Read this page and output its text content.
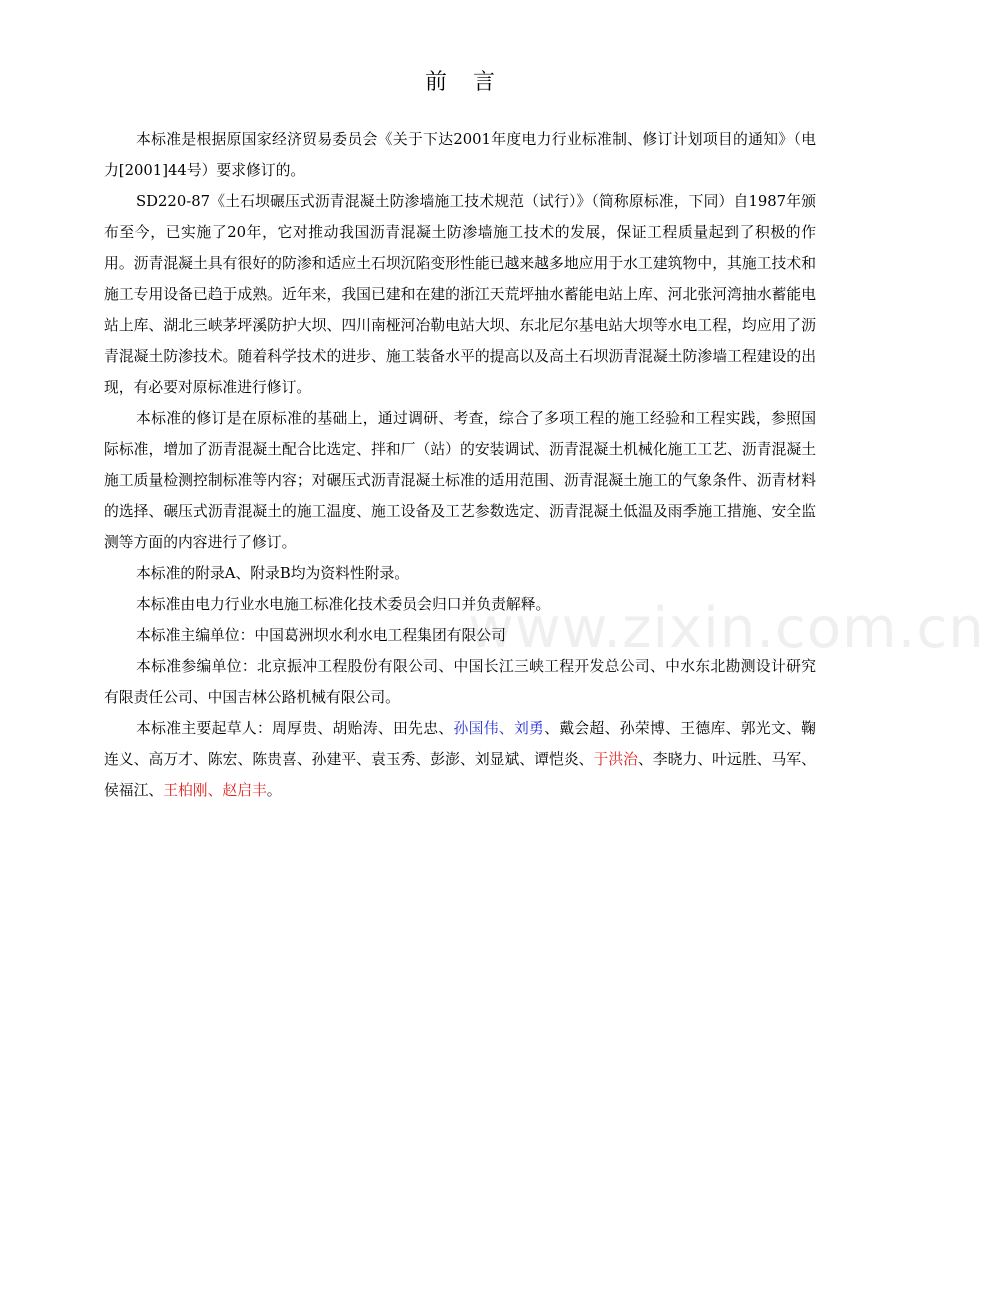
前 言

本标准是根据原国家经济贸易委员会《关于下达2001年度电力行业标准制、修订计划项目的通知》（电力[2001]44号）要求修订的。

SD220-87《土石坝碾压式沥青混凝土防渗墙施工技术规范（试行）》（简称原标准，下同）自1987年颁布至今，已实施了20年，它对推动我国沥青混凝土防渗墙施工技术的发展，保证工程质量起到了积极的作用。沥青混凝土具有很好的防渗和适应土石坝沉陷变形性能已越来越多地应用于水工建筑物中，其施工技术和施工专用设备已趋于成熟。近年来，我国已建和在建的浙江天荒坪抽水蓄能电站上库、河北张河湾抽水蓄能电站上库、湖北三峡茅坪溪防护大坝、四川南桠河冶勒电站大坝、东北尼尔基电站大坝等水电工程，均应用了沥青混凝土防渗技术。随着科学技术的进步、施工装备水平的提高以及高土石坝沥青混凝土防渗墙工程建设的出现，有必要对原标准进行修订。

本标准的修订是在原标准的基础上，通过调研、考查，综合了多项工程的施工经验和工程实践，参照国际标准，增加了沥青混凝土配合比选定、拌和厂（站）的安装调试、沥青混凝土机械化施工工艺、沥青混凝土施工质量检测控制标准等内容；对碾压式沥青混凝土标准的适用范围、沥青混凝土施工的气象条件、沥青材料的选择、碾压式沥青混凝土的施工温度、施工设备及工艺参数选定、沥青混凝土低温及雨季施工措施、安全监测等方面的内容进行了修订。

本标准的附录A、附录B均为资料性附录。

本标准由电力行业水电施工标准化技术委员会归口并负责解释。

本标准主编单位：中国葛洲坝水利水电工程集团有限公司

本标准参编单位：北京振冲工程股份有限公司、中国长江三峡工程开发总公司、中水东北勘测设计研究有限责任公司、中国吉林公路机械有限公司。

本标准主要起草人：周厚贵、胡贻涛、田先忠、孙国伟、刘勇、戴会超、孙荣博、王德库、郭光文、鞠连义、高万才、陈宏、陈贵喜、孙建平、袁玉秀、彭澎、刘显斌、谭恺炎、于洪治、李晓力、叶远胜、马军、侯福江、王柏刚、赵启丰。

www.zixin.com.cn
